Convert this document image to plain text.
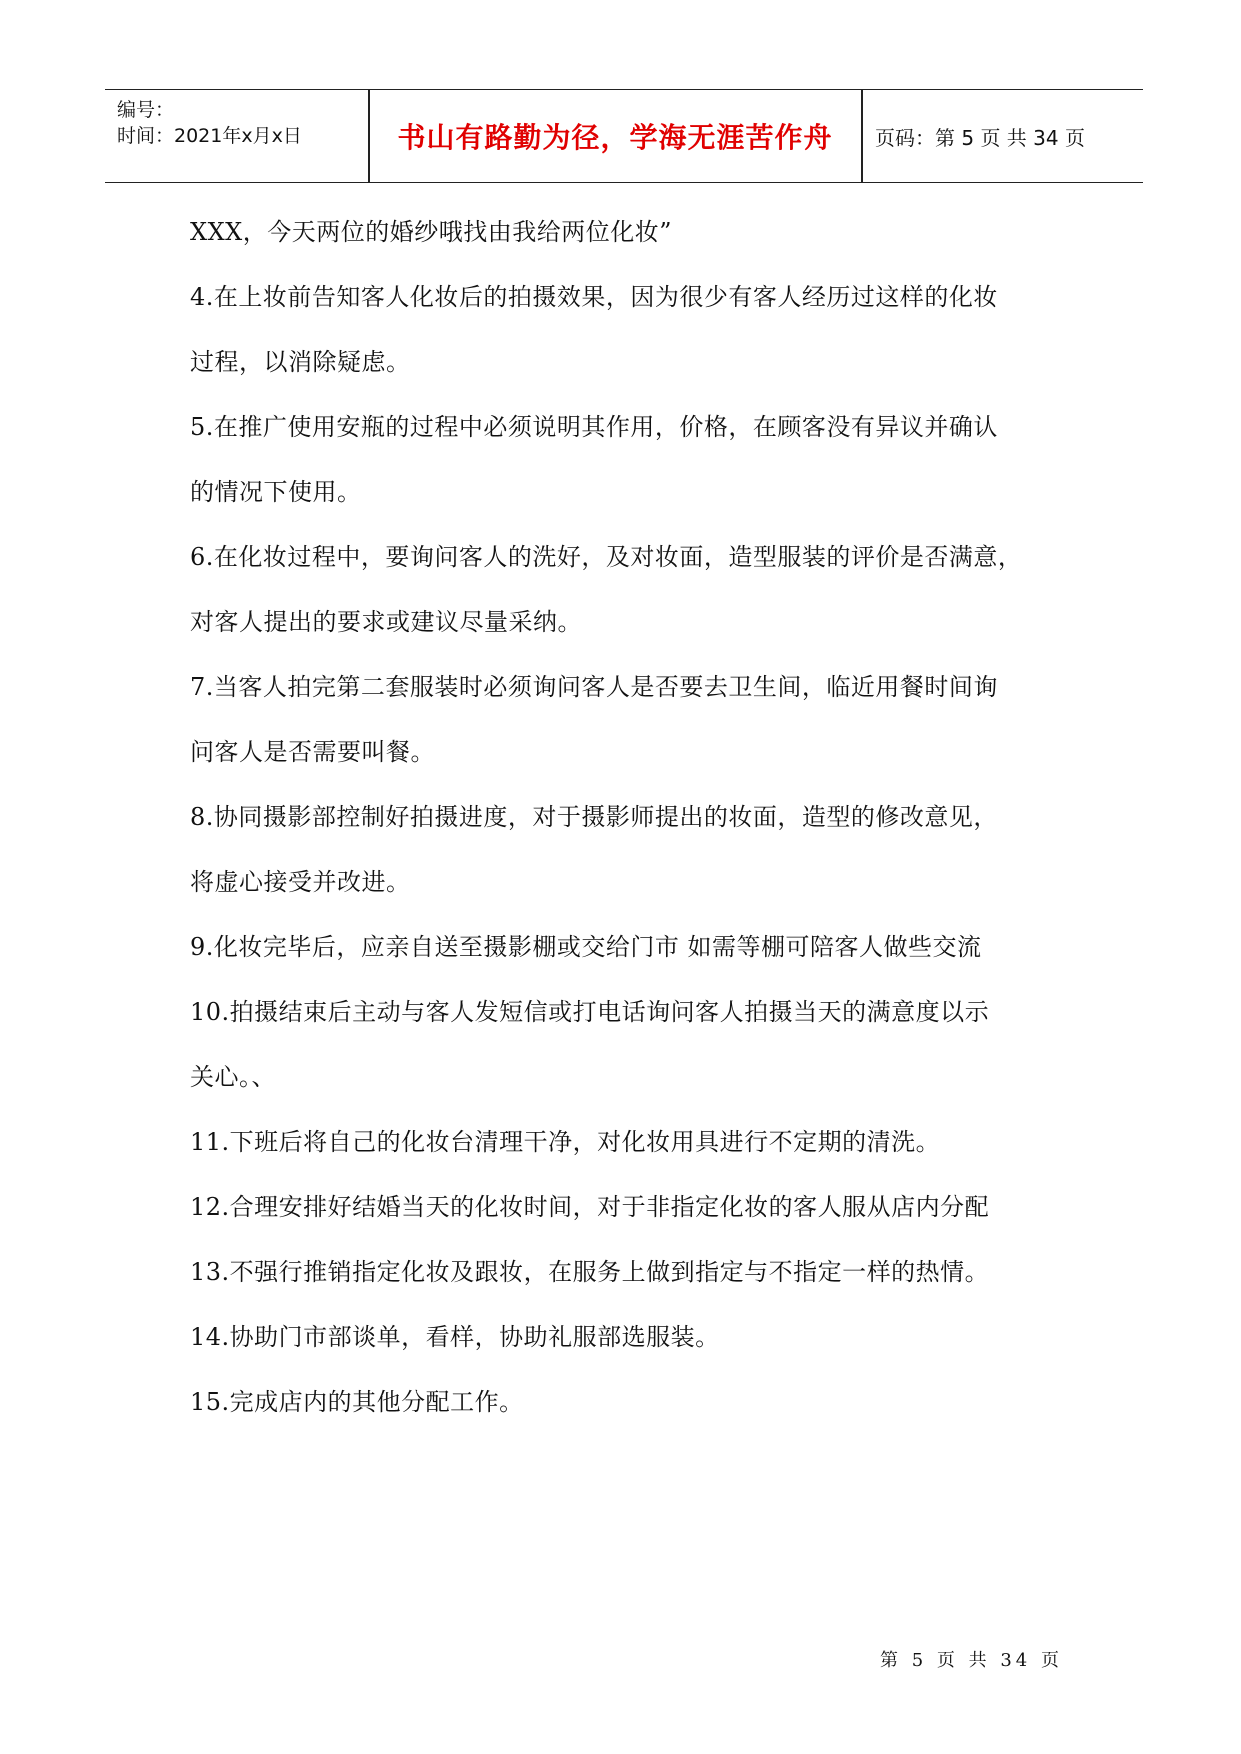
编号：
时间：2021年x月x日	书山有路勤为径，学海无涯苦作舟	页码：第 5 页 共 34 页

XXX，今天两位的婚纱哦找由我给两位化妆”

4.在上妆前告知客人化妆后的拍摄效果，因为很少有客人经历过这样的化妆

过程，以消除疑虑。

5.在推广使用安瓶的过程中必须说明其作用，价格，在顾客没有异议并确认

的情况下使用。

6.在化妆过程中，要询问客人的洗好，及对妆面，造型服装的评价是否满意，

对客人提出的要求或建议尽量采纳。

7.当客人拍完第二套服装时必须询问客人是否要去卫生间，临近用餐时间询

问客人是否需要叫餐。

8.协同摄影部控制好拍摄进度，对于摄影师提出的妆面，造型的修改意见，

将虚心接受并改进。

9.化妆完毕后，应亲自送至摄影棚或交给门市 如需等棚可陪客人做些交流

10.拍摄结束后主动与客人发短信或打电话询问客人拍摄当天的满意度以示

关心。、

11.下班后将自己的化妆台清理干净，对化妆用具进行不定期的清洗。

12.合理安排好结婚当天的化妆时间，对于非指定化妆的客人服从店内分配

13.不强行推销指定化妆及跟妆，在服务上做到指定与不指定一样的热情。

14.协助门市部谈单，看样，协助礼服部选服装。

15.完成店内的其他分配工作。

第 5 页 共 34 页
